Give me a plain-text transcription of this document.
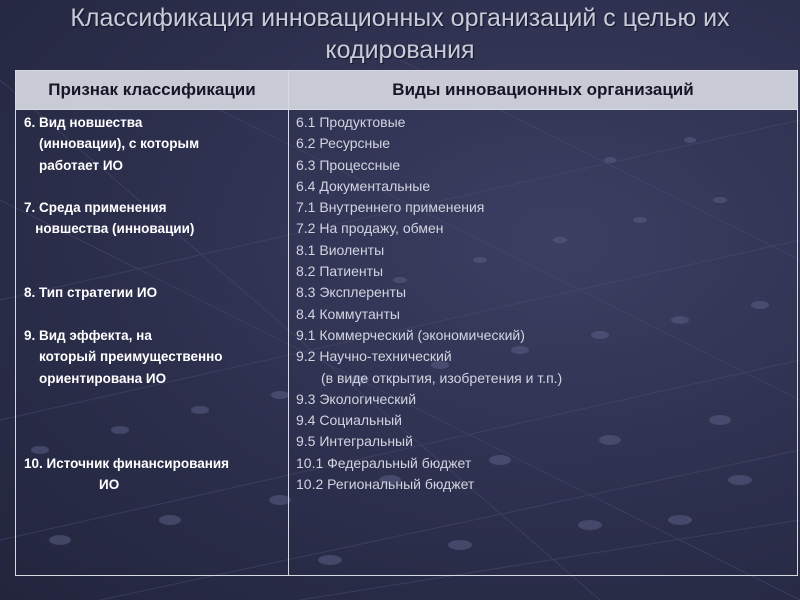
Классификация инновационных организаций с целью их кодирования
Признак классификации	Виды инновационных организаций
6. Вид новшества
(инновации), с которым
работает ИО
7. Среда применения
новшества (инновации)
8. Тип стратегии ИО
9. Вид эффекта, на
который преимущественно
ориентирована ИО
10. Источник финансирования
ИО
6.1 Продуктовые
6.2 Ресурсные
6.3 Процессные
6.4 Документальные
7.1 Внутреннего применения
7.2 На продажу, обмен
8.1 Виоленты
8.2 Патиенты
8.3 Эксплеренты
8.4 Коммутанты
9.1 Коммерческий (экономический)
9.2 Научно-технический
(в виде открытия, изобретения и т.п.)
9.3 Экологический
9.4 Социальный
9.5 Интегральный
10.1 Федеральный бюджет
10.2 Региональный бюджет
